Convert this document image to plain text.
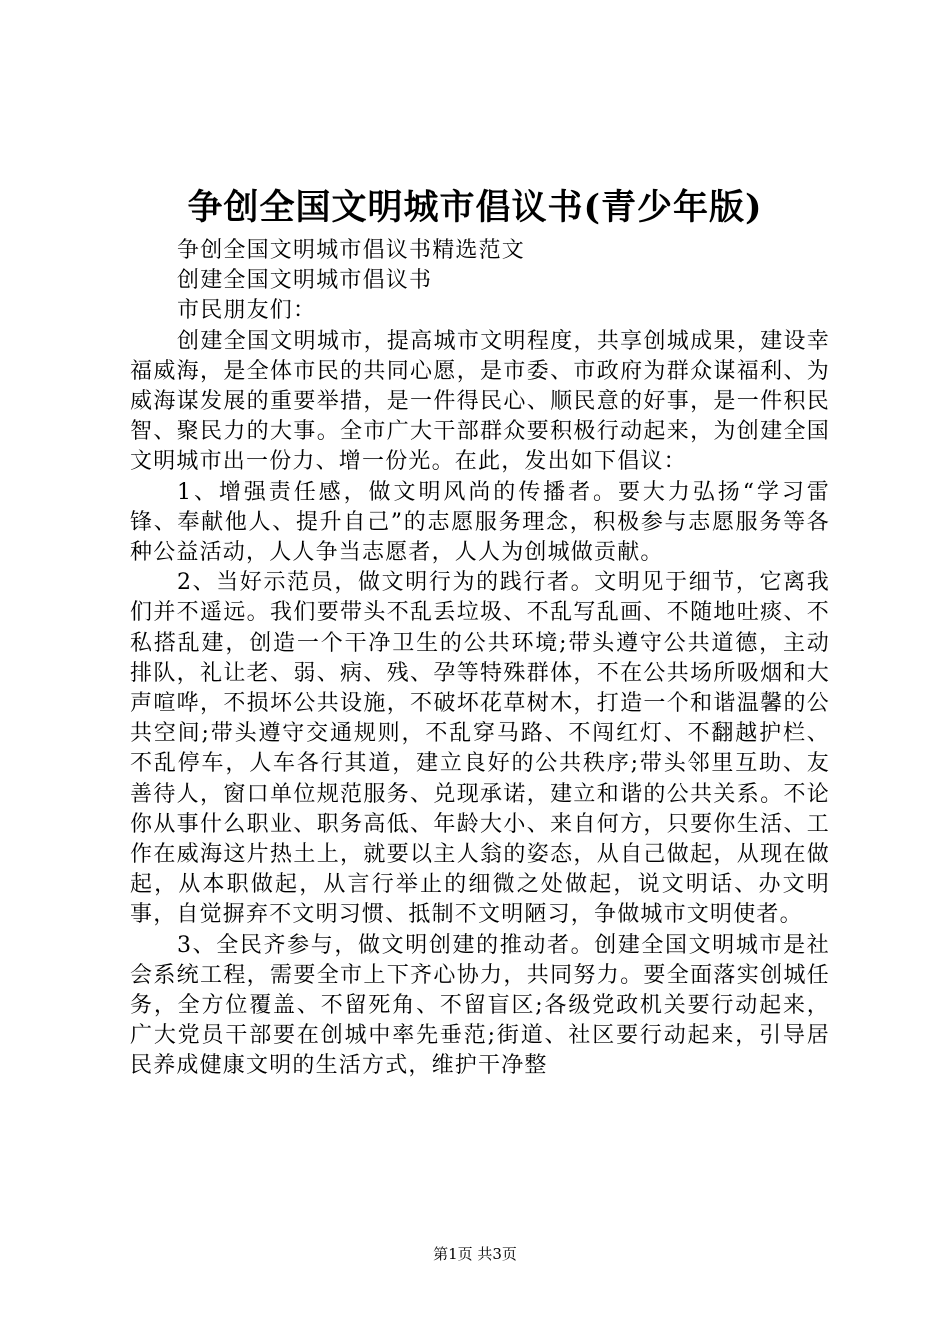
争创全国文明城市倡议书(青少年版)

争创全国文明城市倡议书精选范文

创建全国文明城市倡议书

市民朋友们：

创建全国文明城市，提高城市文明程度，共享创城成果，建设幸福威海，是全体市民的共同心愿，是市委、市政府为群众谋福利、为威海谋发展的重要举措，是一件得民心、顺民意的好事，是一件积民智、聚民力的大事。全市广大干部群众要积极行动起来，为创建全国文明城市出一份力、增一份光。在此，发出如下倡议：

1、增强责任感，做文明风尚的传播者。要大力弘扬“学习雷锋、奉献他人、提升自己”的志愿服务理念，积极参与志愿服务等各种公益活动，人人争当志愿者，人人为创城做贡献。

2、当好示范员，做文明行为的践行者。文明见于细节，它离我们并不遥远。我们要带头不乱丢垃圾、不乱写乱画、不随地吐痰、不私搭乱建，创造一个干净卫生的公共环境;带头遵守公共道德，主动排队，礼让老、弱、病、残、孕等特殊群体，不在公共场所吸烟和大声喧哗，不损坏公共设施，不破坏花草树木，打造一个和谐温馨的公共空间;带头遵守交通规则，不乱穿马路、不闯红灯、不翻越护栏、不乱停车，人车各行其道，建立良好的公共秩序;带头邻里互助、友善待人，窗口单位规范服务、兑现承诺，建立和谐的公共关系。不论你从事什么职业、职务高低、年龄大小、来自何方，只要你生活、工作在威海这片热土上，就要以主人翁的姿态，从自己做起，从现在做起，从本职做起，从言行举止的细微之处做起，说文明话、办文明事，自觉摒弃不文明习惯、抵制不文明陋习，争做城市文明使者。

3、全民齐参与，做文明创建的推动者。创建全国文明城市是社会系统工程，需要全市上下齐心协力，共同努力。要全面落实创城任务，全方位覆盖、不留死角、不留盲区;各级党政机关要行动起来，广大党员干部要在创城中率先垂范;街道、社区要行动起来，引导居民养成健康文明的生活方式，维护干净整

第1页 共3页
